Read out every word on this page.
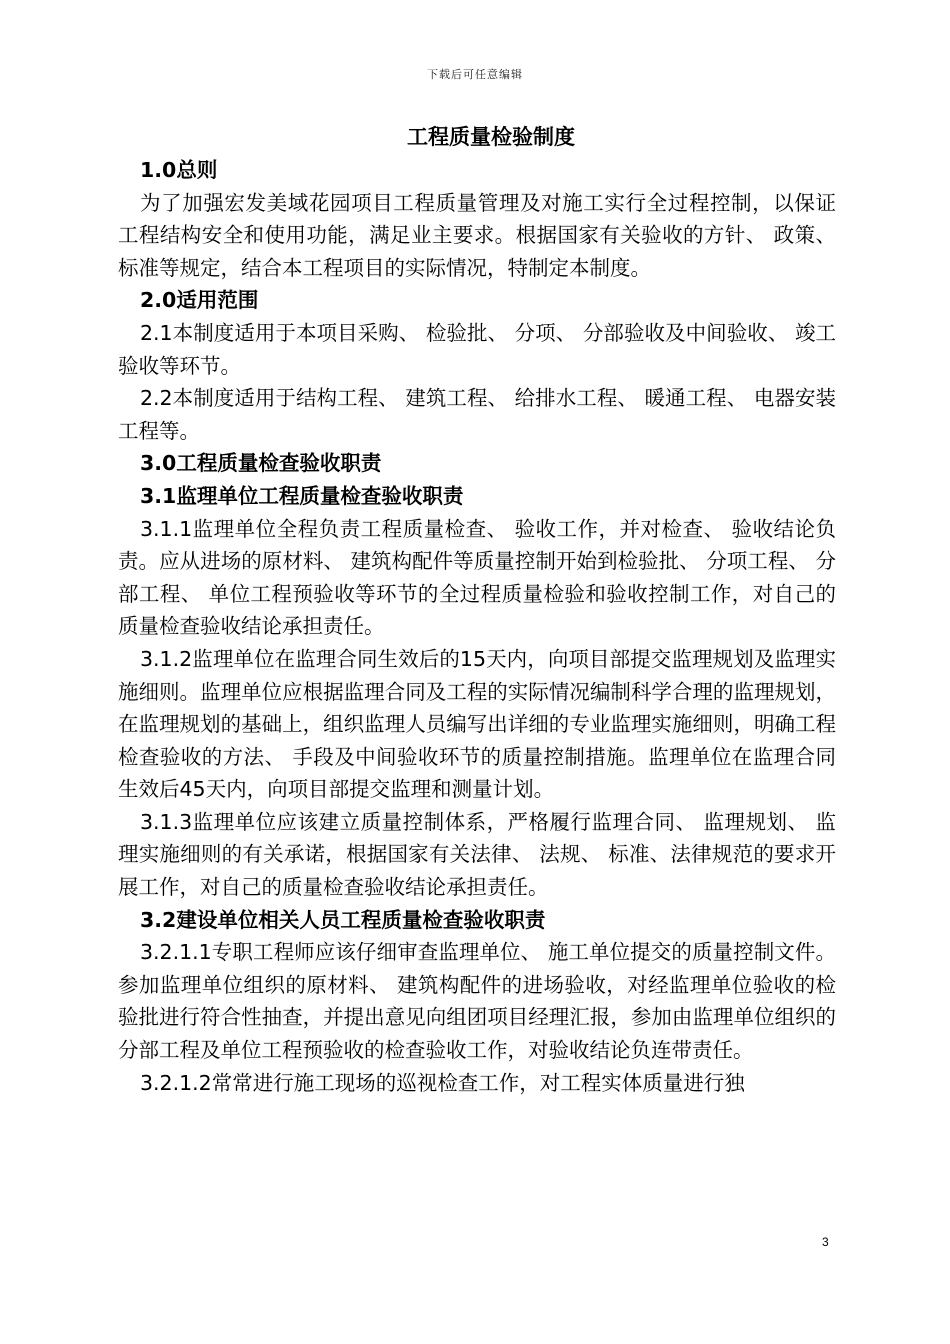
下载后可任意编辑
工程质量检验制度
1.0总则
为了加强宏发美域花园项目工程质量管理及对施工实行全过程控制，以保证工程结构安全和使用功能，满足业主要求。根据国家有关验收的方针、 政策、 标准等规定，结合本工程项目的实际情况，特制定本制度。
2.0适用范围
2.1本制度适用于本项目采购、 检验批、 分项、 分部验收及中间验收、 竣工验收等环节。
2.2本制度适用于结构工程、 建筑工程、 给排水工程、 暖通工程、 电器安装工程等。
3.0工程质量检查验收职责
3.1监理单位工程质量检查验收职责
3.1.1监理单位全程负责工程质量检查、 验收工作，并对检查、 验收结论负责。应从进场的原材料、 建筑构配件等质量控制开始到检验批、 分项工程、 分部工程、 单位工程预验收等环节的全过程质量检验和验收控制工作，对自己的质量检查验收结论承担责任。
3.1.2监理单位在监理合同生效后的15天内，向项目部提交监理规划及监理实施细则。监理单位应根据监理合同及工程的实际情况编制科学合理的监理规划，在监理规划的基础上，组织监理人员编写出详细的专业监理实施细则，明确工程检查验收的方法、 手段及中间验收环节的质量控制措施。监理单位在监理合同生效后45天内，向项目部提交监理和测量计划。
3.1.3监理单位应该建立质量控制体系，严格履行监理合同、 监理规划、 监理实施细则的有关承诺，根据国家有关法律、 法规、 标准、法律规范的要求开展工作，对自己的质量检查验收结论承担责任。
3.2建设单位相关人员工程质量检查验收职责
3.2.1.1专职工程师应该仔细审查监理单位、 施工单位提交的质量控制文件。参加监理单位组织的原材料、 建筑构配件的进场验收，对经监理单位验收的检验批进行符合性抽查，并提出意见向组团项目经理汇报，参加由监理单位组织的分部工程及单位工程预验收的检查验收工作，对验收结论负连带责任。
3.2.1.2常常进行施工现场的巡视检查工作，对工程实体质量进行独
3
